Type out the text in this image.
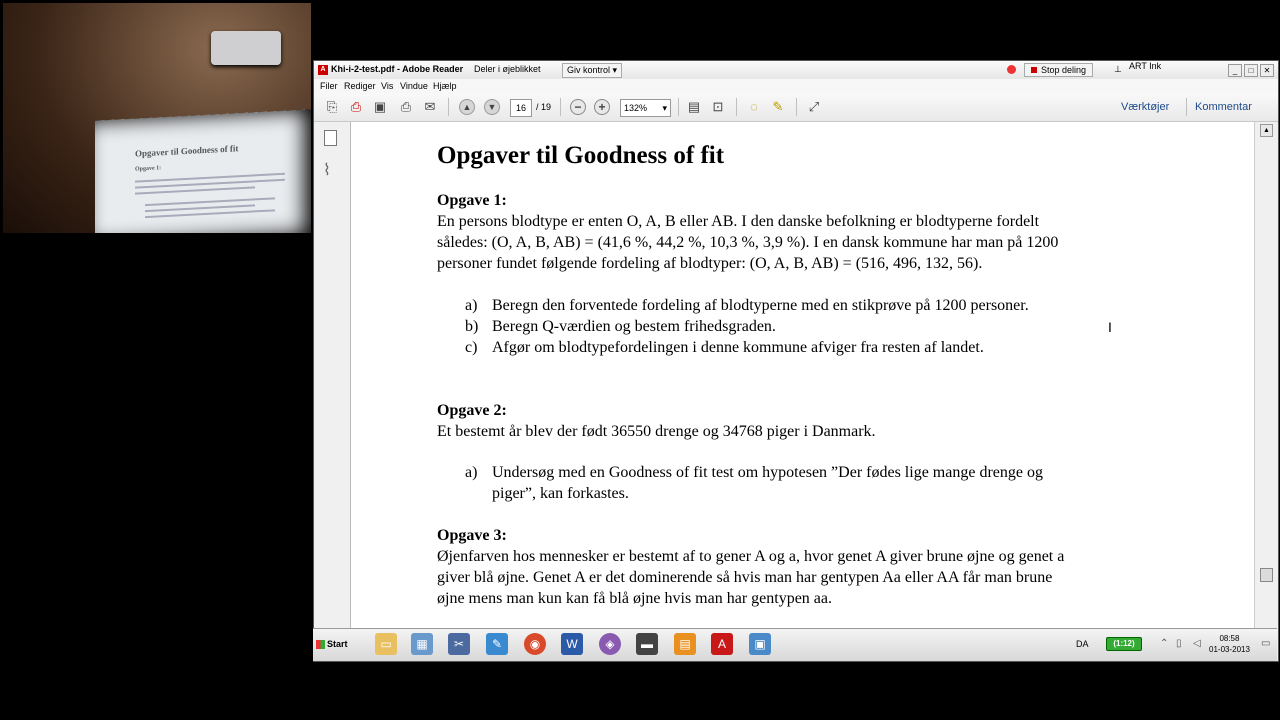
Opgaver til Goodness of fit
Opgave 1:
A Khi-i-2-test.pdf - Adobe Reader Deler i øjeblikket	Giv kontrol ▾	Stop deling	⊥ ART Ink	_	□	✕
Filer Rediger Vis Vindue Hjælp
⎘ ⎙ ▣ ⎙ ✉	▲	▼	16	/ 19	−	+	132% ▾ ▤ ⊡	◌	✎ ⤢	Værktøjer Kommentar
⌇
Opgaver til Goodness of fit
Opgave 1:
En persons blodtype er enten O, A, B eller AB. I den danske befolkning er blodtyperne fordelt
således: (O, A, B, AB) = (41,6 %, 44,2 %, 10,3 %, 3,9 %). I en dansk kommune har man på 1200
personer fundet følgende fordeling af blodtyper: (O, A, B, AB) = (516, 496, 132, 56).
a) Beregn den forventede fordeling af blodtyperne med en stikprøve på 1200 personer.
b) Beregn Q-værdien og bestem frihedsgraden.
c) Afgør om blodtypefordelingen i denne kommune afviger fra resten af landet.
Opgave 2:
Et bestemt år blev der født 36550 drenge og 34768 piger i Danmark.
a) Undersøg med en Goodness of fit test om hypotesen ”Der fødes lige mange drenge og
piger”, kan forkastes.
Opgave 3:
Øjenfarven hos mennesker er bestemt af to gener A og a, hvor genet A giver brune øjne og genet a
giver blå øjne. Genet A er det dominerende så hvis man har gentypen Aa eller AA får man brune
øjne mens man kun kan få blå øjne hvis man har gentypen aa.
▲
Start	▭	▦	✂	✎	◉	W	◈	▬	▤	A	▣	DA	(1:12)	⌃ ▯ ◁	08:58
01-03-2013
▭
I
